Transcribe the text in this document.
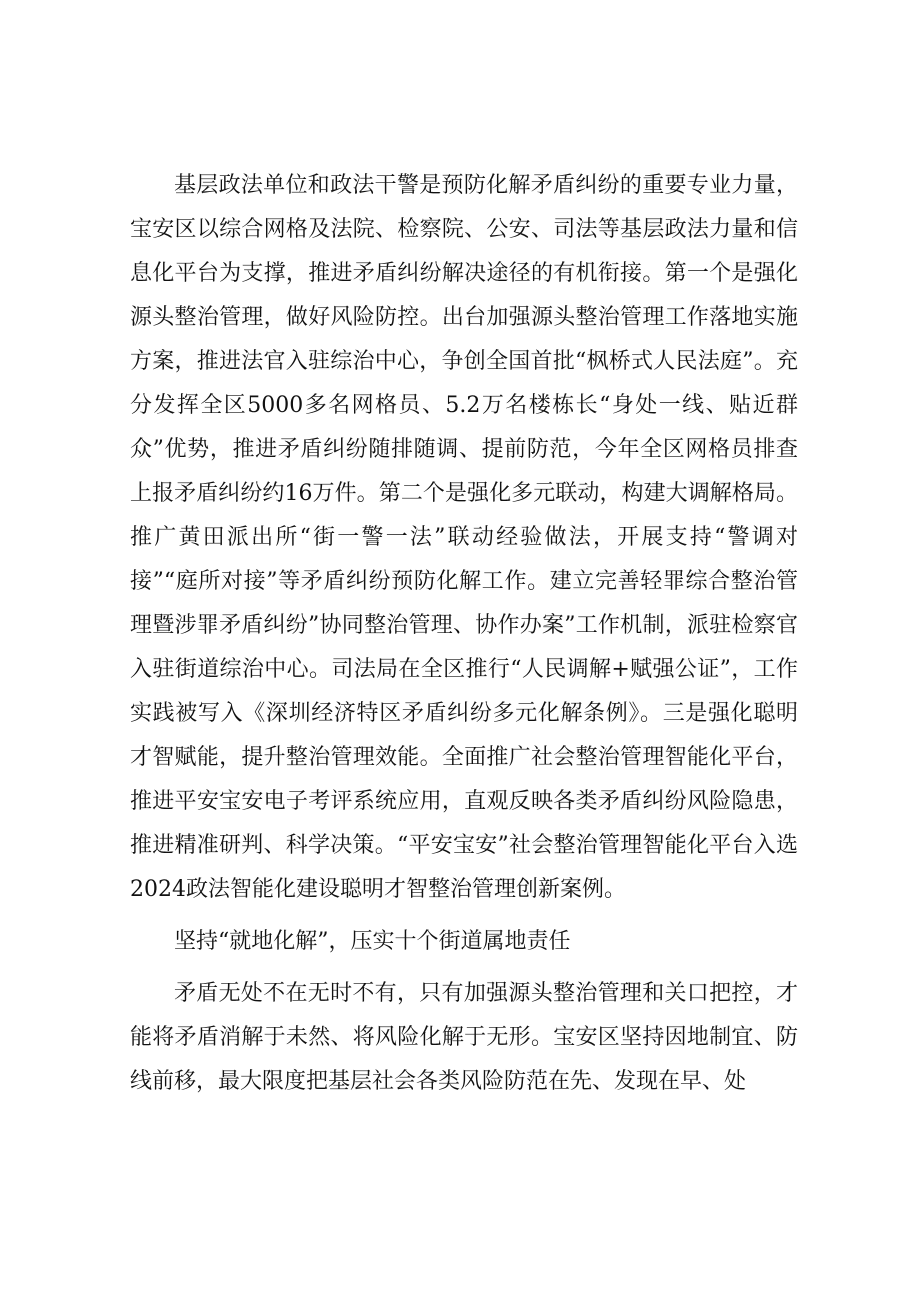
基层政法单位和政法干警是预防化解矛盾纠纷的重要专业力量，宝安区以综合网格及法院、检察院、公安、司法等基层政法力量和信息化平台为支撑，推进矛盾纠纷解决途径的有机衔接。第一个是强化源头整治管理，做好风险防控。出台加强源头整治管理工作落地实施方案，推进法官入驻综治中心，争创全国首批“枫桥式人民法庭”。充分发挥全区5000多名网格员、5.2万名楼栋长“身处一线、贴近群众”优势，推进矛盾纠纷随排随调、提前防范，今年全区网格员排查上报矛盾纠纷约16万件。第二个是强化多元联动，构建大调解格局。推广黄田派出所“街一警一法”联动经验做法，开展支持“警调对接”“庭所对接”等矛盾纠纷预防化解工作。建立完善轻罪综合整治管理暨涉罪矛盾纠纷”协同整治管理、协作办案”工作机制，派驻检察官入驻街道综治中心。司法局在全区推行“人民调解+赋强公证”，工作实践被写入《深圳经济特区矛盾纠纷多元化解条例》。三是强化聪明才智赋能，提升整治管理效能。全面推广社会整治管理智能化平台，推进平安宝安电子考评系统应用，直观反映各类矛盾纠纷风险隐患，推进精准研判、科学决策。“平安宝安”社会整治管理智能化平台入选2024政法智能化建设聪明才智整治管理创新案例。

坚持“就地化解”，压实十个街道属地责任

矛盾无处不在无时不有，只有加强源头整治管理和关口把控，才能将矛盾消解于未然、将风险化解于无形。宝安区坚持因地制宜、防线前移，最大限度把基层社会各类风险防范在先、发现在早、处
